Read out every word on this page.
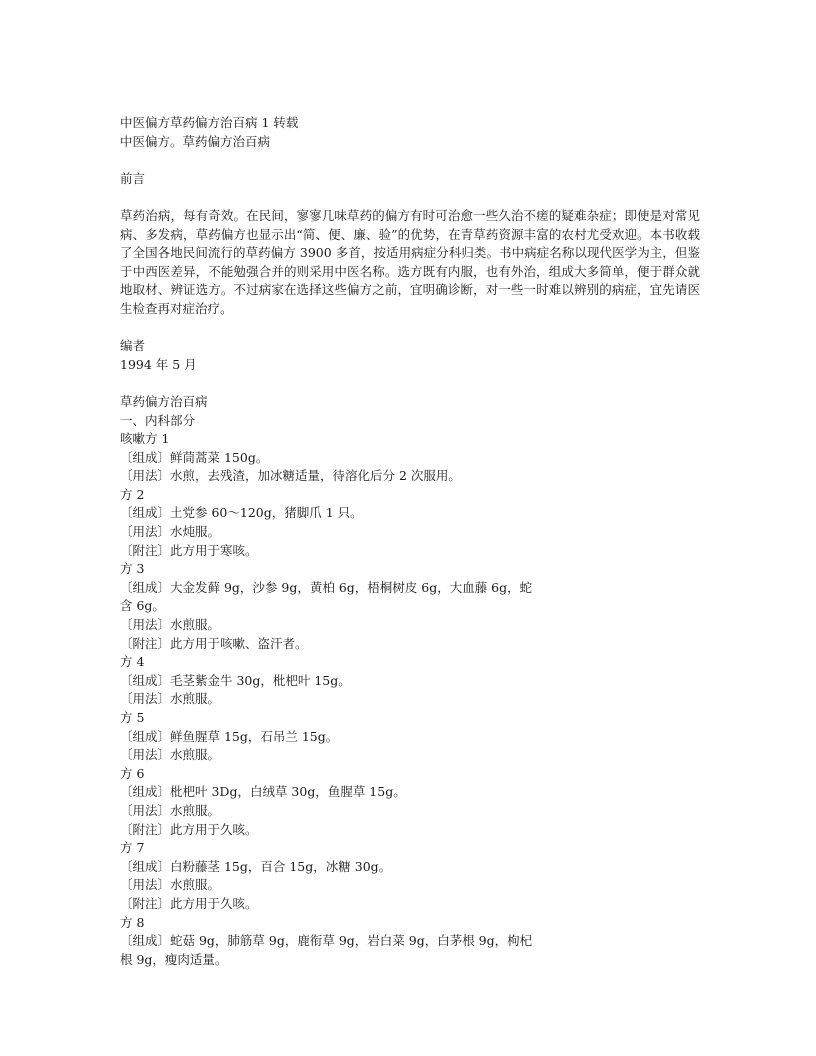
中医偏方草药偏方治百病 1 转载
中医偏方。草药偏方治百病
前言
草药治病，每有奇效。在民间，寥寥几味草药的偏方有时可治愈一些久治不瘥的疑难杂症；即使是对常见病、多发病，草药偏方也显示出“简、便、廉、验”的优势，在青草药资源丰富的农村尤受欢迎。本书收载了全国各地民间流行的草药偏方 3900 多首，按适用病症分科归类。书中病症名称以现代医学为主，但鉴于中西医差异，不能勉强合并的则采用中医名称。选方既有内服，也有外治，组成大多简单，便于群众就地取材、辨证选方。不过病家在选择这些偏方之前，宜明确诊断，对一些一时难以辨别的病症，宜先请医生检查再对症治疗。
编者
1994 年 5 月
草药偏方治百病
一、内科部分
咳嗽方 1
〔组成〕鲜茼蒿菜 150g。
〔用法〕水煎，去残渣，加冰糖适量，待溶化后分 2 次服用。
方 2
〔组成〕土党参 60～120g，猪脚爪 1 只。
〔用法〕水炖服。
〔附注〕此方用于寒咳。
方 3
〔组成〕大金发藓 9g，沙参 9g，黄柏 6g，梧桐树皮 6g，大血藤 6g，蛇
含 6g。
〔用法〕水煎服。
〔附注〕此方用于咳嗽、盗汗者。
方 4
〔组成〕毛茎紫金牛 30g，枇杷叶 15g。
〔用法〕水煎服。
方 5
〔组成〕鲜鱼腥草 15g，石吊兰 15g。
〔用法〕水煎服。
方 6
〔组成〕枇杷叶 3Dg，白绒草 30g，鱼腥草 15g。
〔用法〕水煎服。
〔附注〕此方用于久咳。
方 7
〔组成〕白粉藤茎 15g，百合 15g，冰糖 30g。
〔用法〕水煎服。
〔附注〕此方用于久咳。
方 8
〔组成〕蛇菇 9g，肺筋草 9g，鹿衔草 9g，岩白菜 9g，白茅根 9g，枸杞
根 9g，瘦肉适量。
